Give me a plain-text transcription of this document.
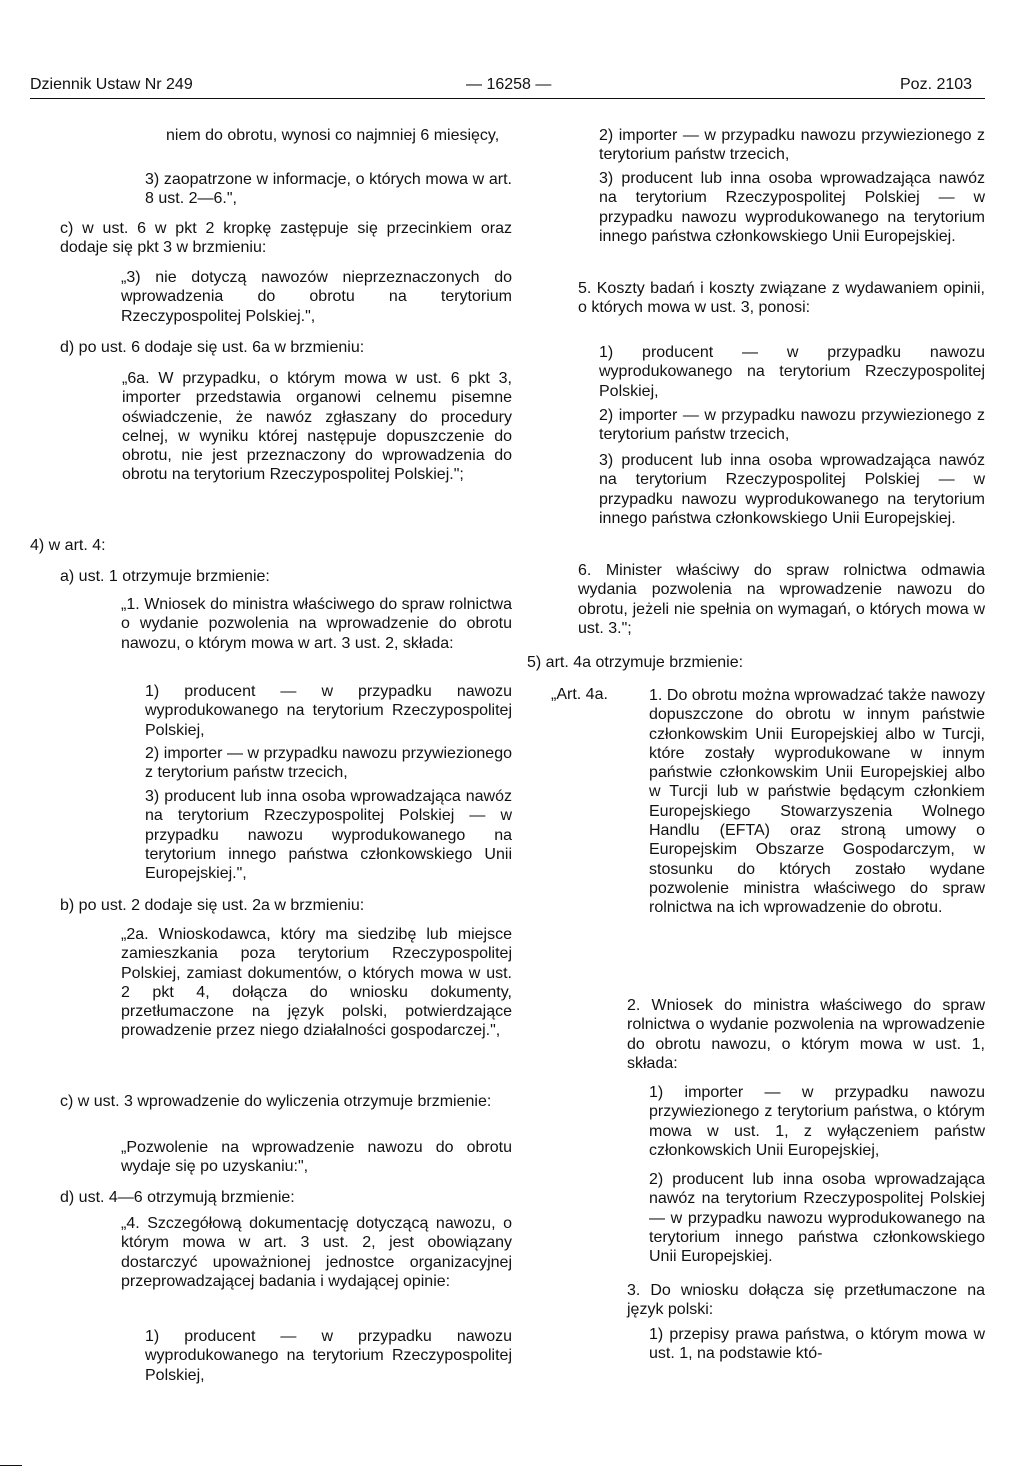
Dziennik Ustaw Nr 249	— 16258 —	Poz. 2103
niem do obrotu, wynosi co najmniej 6 miesięcy,
3) zaopatrzone w informacje, o których mowa w art. 8 ust. 2—6.",
c) w ust. 6 w pkt 2 kropkę zastępuje się przecinkiem oraz dodaje się pkt 3 w brzmieniu:
„3) nie dotyczą nawozów nieprzeznaczonych do wprowadzenia do obrotu na terytorium Rzeczypospolitej Polskiej.",
d) po ust. 6 dodaje się ust. 6a w brzmieniu:
„6a. W przypadku, o którym mowa w ust. 6 pkt 3, importer przedstawia organowi celnemu pisemne oświadczenie, że nawóz zgłaszany do procedury celnej, w wyniku której następuje dopuszczenie do obrotu, nie jest przeznaczony do wprowadzenia do obrotu na terytorium Rzeczypospolitej Polskiej.";
4) w art. 4:
a) ust. 1 otrzymuje brzmienie:
„1. Wniosek do ministra właściwego do spraw rolnictwa o wydanie pozwolenia na wprowadzenie do obrotu nawozu, o którym mowa w art. 3 ust. 2, składa:
1) producent — w przypadku nawozu wyprodukowanego na terytorium Rzeczypospolitej Polskiej,
2) importer — w przypadku nawozu przywiezionego z terytorium państw trzecich,
3) producent lub inna osoba wprowadzająca nawóz na terytorium Rzeczypospolitej Polskiej — w przypadku nawozu wyprodukowanego na terytorium innego państwa członkowskiego Unii Europejskiej.",
b) po ust. 2 dodaje się ust. 2a w brzmieniu:
„2a. Wnioskodawca, który ma siedzibę lub miejsce zamieszkania poza terytorium Rzeczypospolitej Polskiej, zamiast dokumentów, o których mowa w ust. 2 pkt 4, dołącza do wniosku dokumenty, przetłumaczone na język polski, potwierdzające prowadzenie przez niego działalności gospodarczej.",
c) w ust. 3 wprowadzenie do wyliczenia otrzymuje brzmienie:
„Pozwolenie na wprowadzenie nawozu do obrotu wydaje się po uzyskaniu:",
d) ust. 4—6 otrzymują brzmienie:
„4. Szczegółową dokumentację dotyczącą nawozu, o którym mowa w art. 3 ust. 2, jest obowiązany dostarczyć upoważnionej jednostce organizacyjnej przeprowadzającej badania i wydającej opinie:
1) producent — w przypadku nawozu wyprodukowanego na terytorium Rzeczypospolitej Polskiej,
2) importer — w przypadku nawozu przywiezionego z terytorium państw trzecich,
3) producent lub inna osoba wprowadzająca nawóz na terytorium Rzeczypospolitej Polskiej — w przypadku nawozu wyprodukowanego na terytorium innego państwa członkowskiego Unii Europejskiej.
5. Koszty badań i koszty związane z wydawaniem opinii, o których mowa w ust. 3, ponosi:
1) producent — w przypadku nawozu wyprodukowanego na terytorium Rzeczypospolitej Polskiej,
2) importer — w przypadku nawozu przywiezionego z terytorium państw trzecich,
3) producent lub inna osoba wprowadzająca nawóz na terytorium Rzeczypospolitej Polskiej — w przypadku nawozu wyprodukowanego na terytorium innego państwa członkowskiego Unii Europejskiej.
6. Minister właściwy do spraw rolnictwa odmawia wydania pozwolenia na wprowadzenie nawozu do obrotu, jeżeli nie spełnia on wymagań, o których mowa w ust. 3.";
5) art. 4a otrzymuje brzmienie:
„Art. 4a.	1. Do obrotu można wprowadzać także nawozy dopuszczone do obrotu w innym państwie członkowskim Unii Europejskiej albo w Turcji, które zostały wyprodukowane w innym państwie członkowskim Unii Europejskiej albo w Turcji lub w państwie będącym członkiem Europejskiego Stowarzyszenia Wolnego Handlu (EFTA) oraz stroną umowy o Europejskim Obszarze Gospodarczym, w stosunku do których zostało wydane pozwolenie ministra właściwego do spraw rolnictwa na ich wprowadzenie do obrotu.
2. Wniosek do ministra właściwego do spraw rolnictwa o wydanie pozwolenia na wprowadzenie do obrotu nawozu, o którym mowa w ust. 1, składa:
1) importer — w przypadku nawozu przywiezionego z terytorium państwa, o którym mowa w ust. 1, z wyłączeniem państw członkowskich Unii Europejskiej,
2) producent lub inna osoba wprowadzająca nawóz na terytorium Rzeczypospolitej Polskiej — w przypadku nawozu wyprodukowanego na terytorium innego państwa członkowskiego Unii Europejskiej.
3. Do wniosku dołącza się przetłumaczone na język polski:
1) przepisy prawa państwa, o którym mowa w ust. 1, na podstawie któ-
